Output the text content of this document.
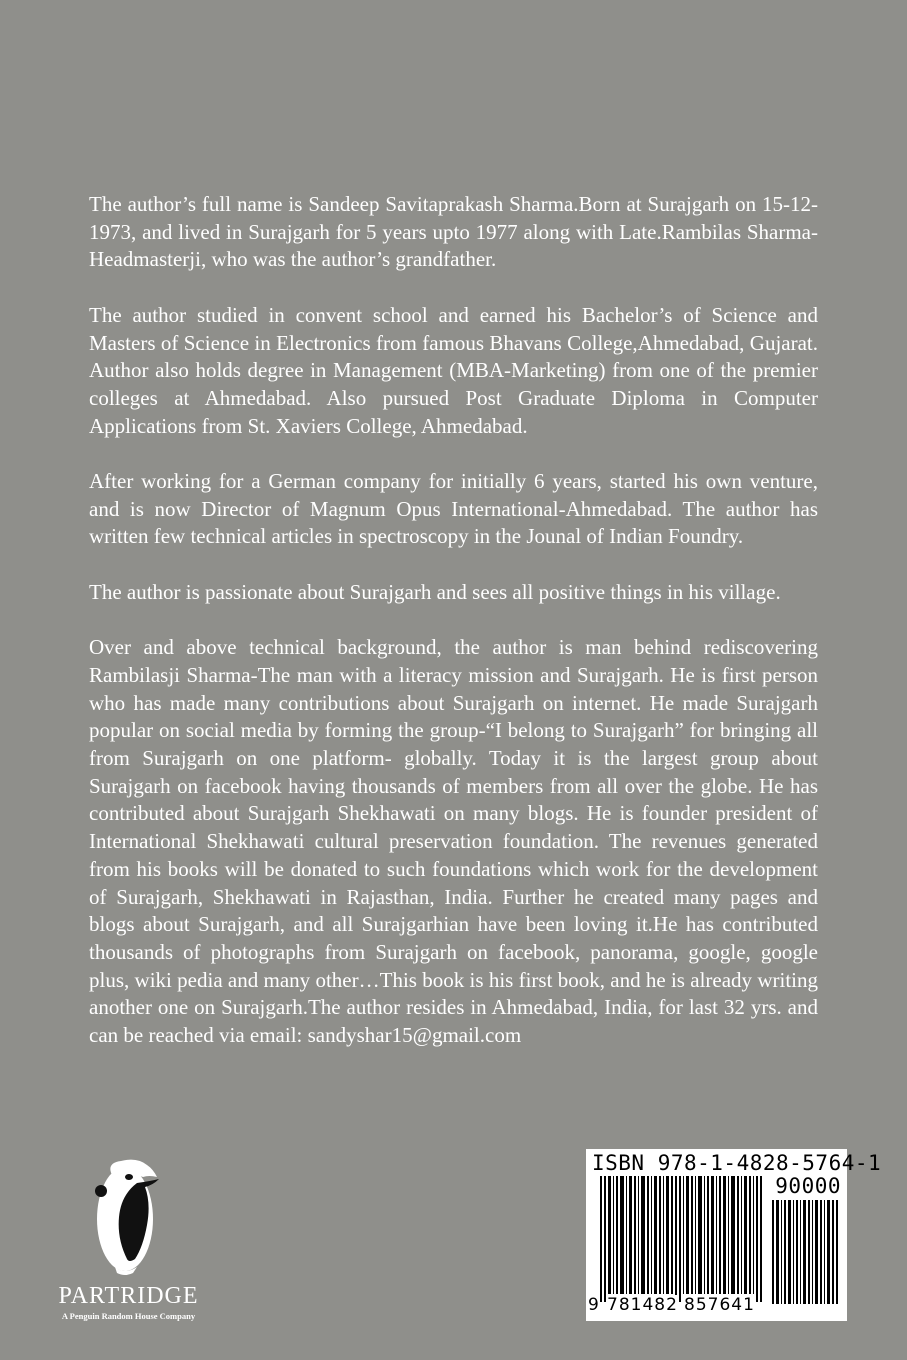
The author’s full name is Sandeep Savitaprakash Sharma.Born at Surajgarh on 15-12-1973, and lived in Surajgarh for 5 years upto 1977 along with Late.Rambilas Sharma- Headmasterji, who was the author’s grandfather.

The author studied in convent school and earned his Bachelor’s of Science and Masters of Science in Electronics from famous Bhavans College,Ahmedabad, Gujarat. Author also holds degree in Management (MBA-Marketing) from one of the premier colleges at Ahmedabad. Also pursued Post Graduate Diploma in Computer Applications from St. Xaviers College, Ahmedabad.

After working for a German company for initially 6 years, started his own venture, and is now Director of Magnum Opus International-Ahmedabad. The author has written few technical articles in spectroscopy in the Jounal of Indian Foundry.

The author is passionate about Surajgarh and sees all positive things in his village.

Over and above technical background, the author is man behind rediscovering Rambilasji Sharma-The man with a literacy mission and Surajgarh. He is first person who has made many contributions about Surajgarh on internet. He made Surajgarh popular on social media by forming the group-“I belong to Surajgarh” for bringing all from Surajgarh on one platform- globally. Today it is the largest group about Surajgarh on facebook having thousands of members from all over the globe. He has contributed about Surajgarh Shekhawati on many blogs. He is founder president of International Shekhawati cultural preservation foundation. The revenues generated from his books will be donated to such foundations which work for the development of Surajgarh, Shekhawati in Rajasthan, India. Further he created many pages and blogs about Surajgarh, and all Surajgarhian have been loving it.He has contributed thousands of photographs from Surajgarh on facebook, panorama, google, google plus, wiki pedia and many other…This book is his first book, and he is already writing another one on Surajgarh.The author resides in Ahmedabad, India, for last 32 yrs. and can be reached via email: sandyshar15@gmail.com

PARTRIDGE
A Penguin Random House Company
ISBN 978-1-4828-5764-1
90000
9 781482 857641
